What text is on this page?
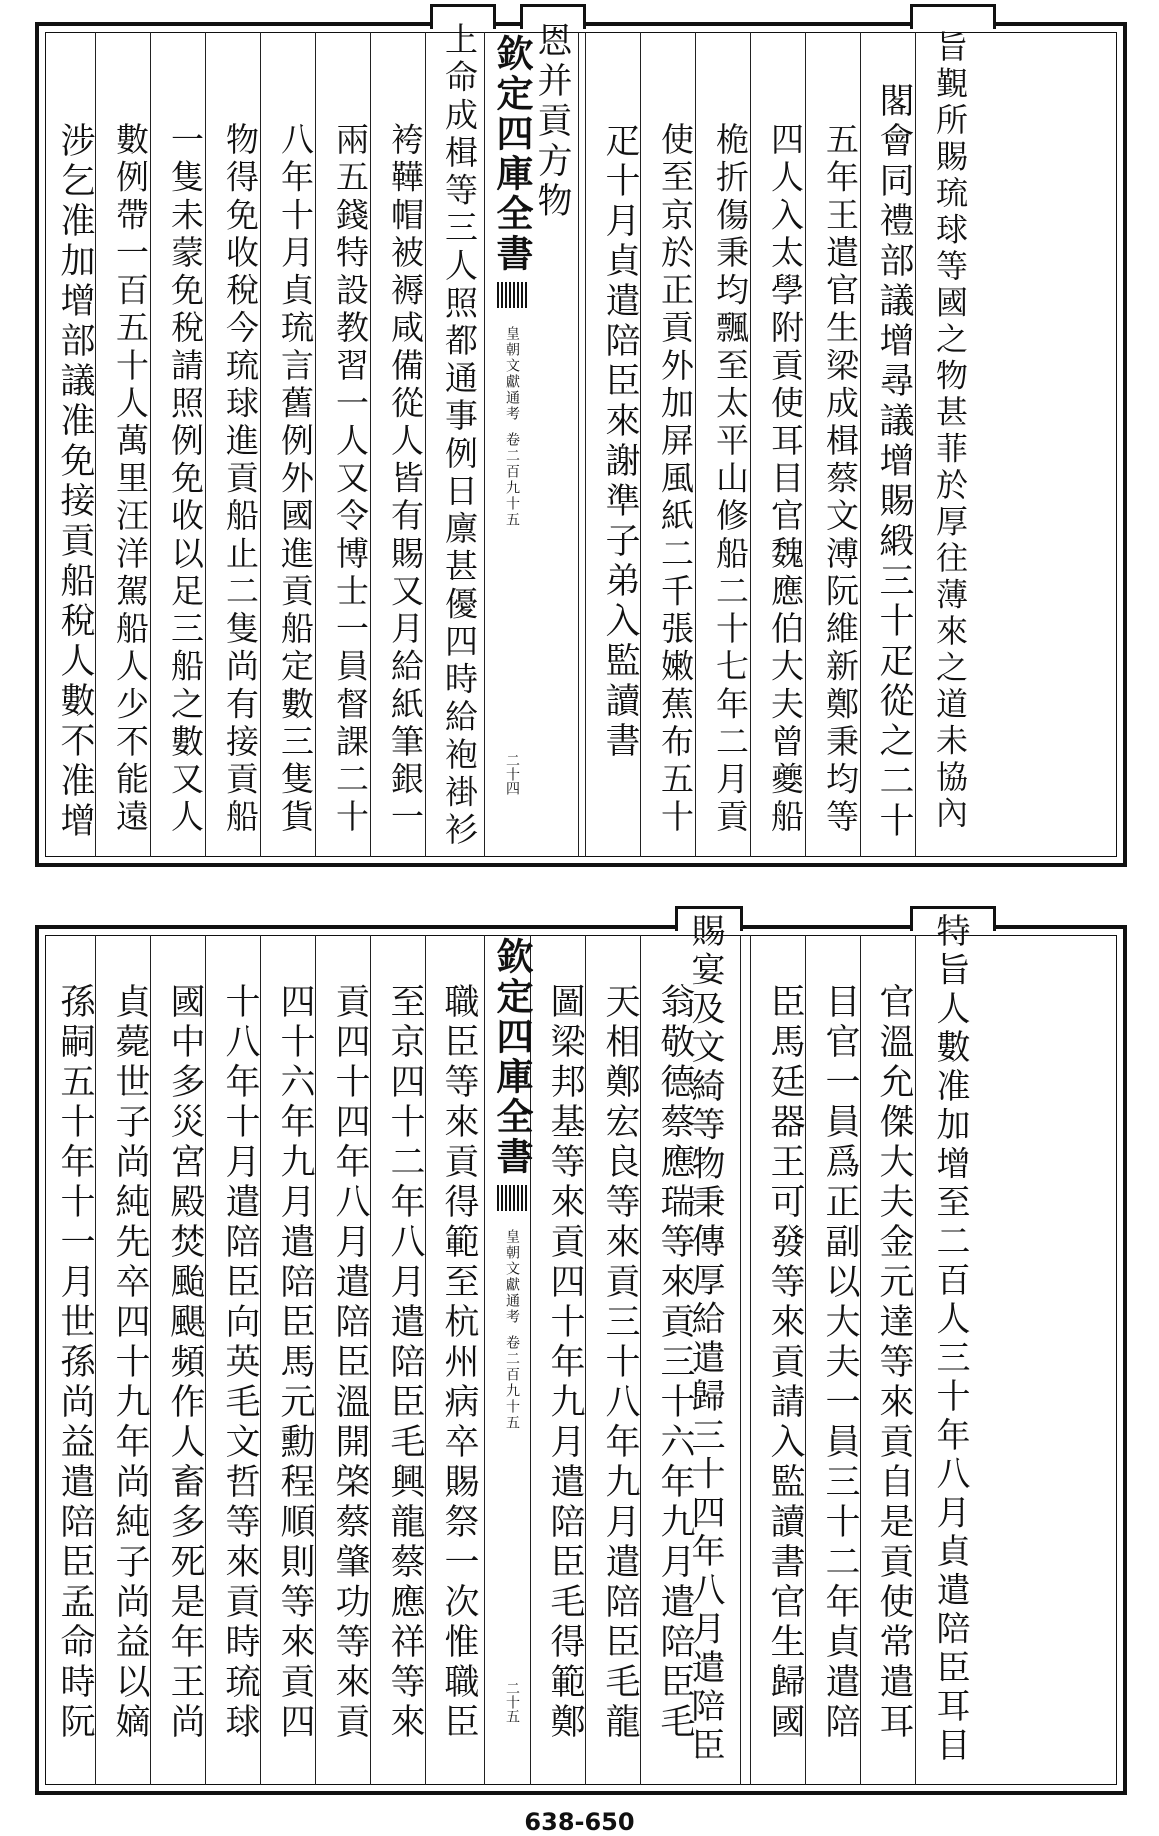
旨覲所賜琉球等國之物甚菲於厚往薄來之道未協內
閣會同禮部議增尋議增賜緞三十疋從之二十
五年王遣官生梁成楫蔡文溥阮維新鄭秉均等
四人入太學附貢使耳目官魏應伯大夫曾夔船
桅折傷秉均飄至太平山修船二十七年二月貢
使至京於正貢外加屏風紙二千張嫩蕉布五十
疋十月貞遣陪臣來謝準子弟入監讀書
恩并貢方物
欽定四庫全書
皇朝文獻通考
卷二百九十五
二十四
上命成楫等三人照都通事例日廪甚優四時給袍褂衫
袴鞾帽被褥咸備從人皆有賜又月給紙筆銀一
兩五錢特設教習一人又令博士一員督課二十
八年十月貞琉言舊例外國進貢船定數三隻貨
物得免收稅今琉球進貢船止二隻尚有接貢船
一隻未蒙免稅請照例免收以足三船之數又人
數例帶一百五十人萬里汪洋駕船人少不能遠
涉乞准加增部議准免接貢船稅人數不准增
特旨人數准加增至二百人三十年八月貞遣陪臣耳目
官溫允傑大夫金元達等來貢自是貢使常遣耳
目官一員爲正副以大夫一員三十二年貞遣陪
臣馬廷器王可發等來貢請入監讀書官生歸國
賜宴及文綺等物秉傳厚給遣歸三十四年八月遣陪臣
翁敬德蔡應瑞等來貢三十六年九月遣陪臣毛
天相鄭宏良等來貢三十八年九月遣陪臣毛龍
圖梁邦基等來貢四十年九月遣陪臣毛得範鄭
欽定四庫全書
皇朝文獻通考
卷二百九十五
二十五
職臣等來貢得範至杭州病卒賜祭一次惟職臣
至京四十二年八月遣陪臣毛興龍蔡應祥等來
貢四十四年八月遣陪臣溫開棨蔡肇功等來貢
四十六年九月遣陪臣馬元勳程順則等來貢四
十八年十月遣陪臣向英毛文哲等來貢時琉球
國中多災宮殿焚颱颶頻作人畜多死是年王尚
貞薨世子尚純先卒四十九年尚純子尚益以嫡
孫嗣五十年十一月世孫尚益遣陪臣孟命時阮
638-650
